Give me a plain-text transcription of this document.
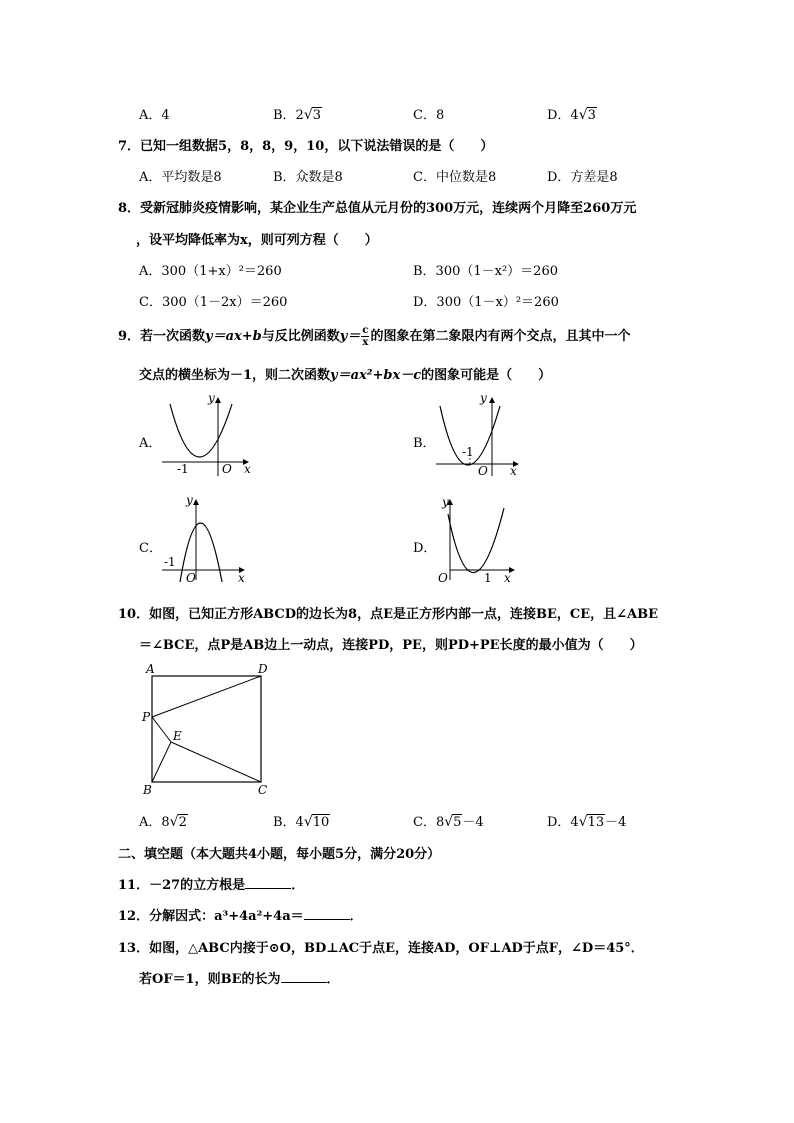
A．4	B．2√3	C．8	D．4√3
7．已知一组数据5，8，8，9，10，以下说法错误的是（　　）
A．平均数是8	B．众数是8	C．中位数是8	D．方差是8
8．受新冠肺炎疫情影响，某企业生产总值从元月份的300万元，连续两个月降至260万元
，设平均降低率为x，则可列方程（　　）
A．300（1+x）²＝260	B．300（1－x²）＝260
C．300（1－2x）＝260	D．300（1－x）²＝260
9．若一次函数y＝ax+b与反比例函数$y= \frac{c}{x}$ 的图象在第二象限内有两个交点，且其中一个
交点的横坐标为－1，则二次函数y＝ax²+bx－c的图象可能是（　　）
A．	B．
C．	D．
y
x
O
-1
y
x
O
-1
y
x
O
-1
y
x
O	1
10．如图，已知正方形ABCD的边长为8，点E是正方形内部一点，连接BE，CE，且∠ABE
＝∠BCE，点P是AB边上一动点，连接PD，PE，则PD+PE长度的最小值为（　　）
A	D
P
E
B	C
A．8√2	B．4√10	C．8√5－4	D．4√13－4
二、填空题（本大题共4小题，每小题5分，满分20分）
11．－27的立方根是	．
12．分解因式：a³+4a²+4a＝	．
13．如图，△ABC内接于⊙O，BD⊥AC于点E，连接AD，OF⊥AD于点F，∠D＝45°．
若OF＝1，则BE的长为	．
